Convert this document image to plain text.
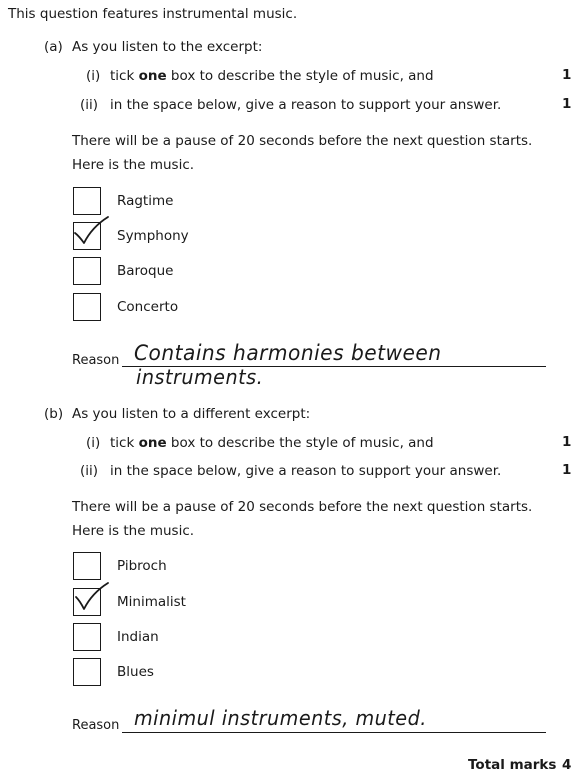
This question features instrumental music.
(a) As you listen to the excerpt:
(i) tick one box to describe the style of music, and	1
(ii) in the space below, give a reason to support your answer.	1
There will be a pause of 20 seconds before the next question starts.
Here is the music.
Ragtime
Symphony
Baroque
Concerto
Reason Contains harmonies between
instruments.
(b) As you listen to a different excerpt:
(i) tick one box to describe the style of music, and	1
(ii) in the space below, give a reason to support your answer.	1
There will be a pause of 20 seconds before the next question starts.
Here is the music.
Pibroch
Minimalist
Indian
Blues
Reason minimul instruments, muted.
Total marks 4
